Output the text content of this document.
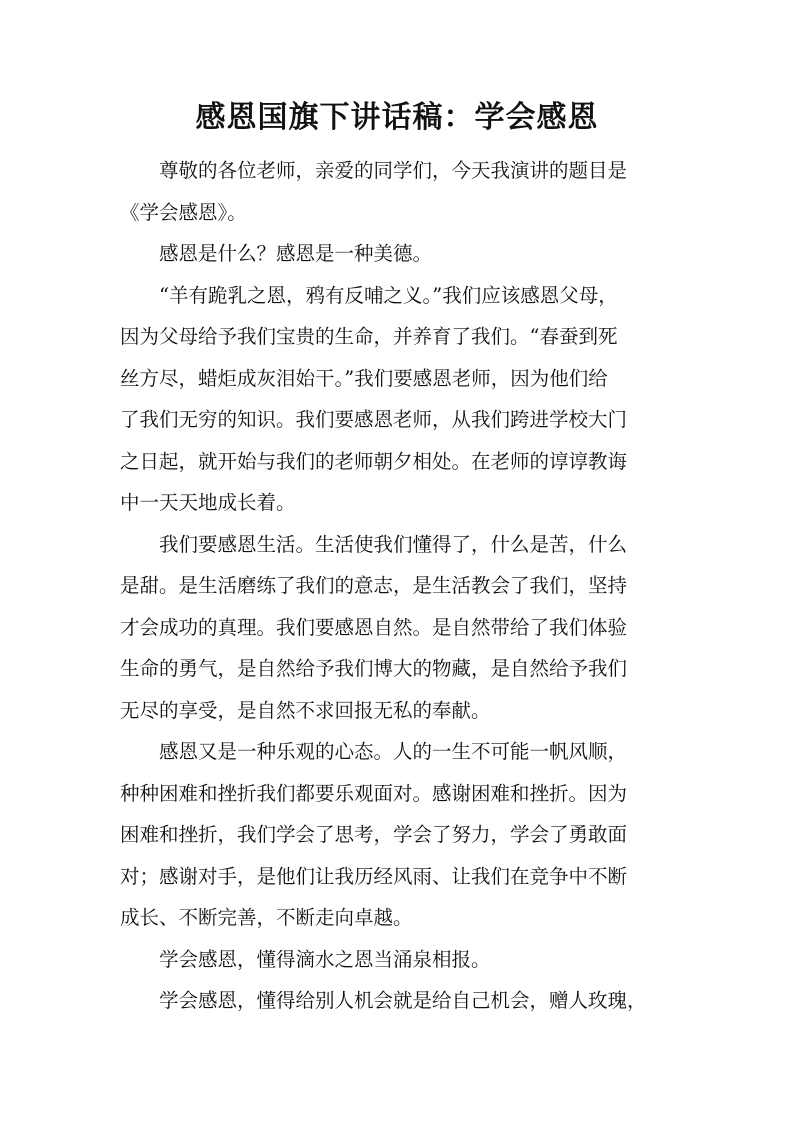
感恩国旗下讲话稿：学会感恩

尊敬的各位老师，亲爱的同学们，今天我演讲的题目是
《学会感恩》。

感恩是什么？感恩是一种美德。

“羊有跪乳之恩，鸦有反哺之义。”我们应该感恩父母，
因为父母给予我们宝贵的生命，并养育了我们。“春蚕到死
丝方尽，蜡炬成灰泪始干。”我们要感恩老师，因为他们给
了我们无穷的知识。我们要感恩老师，从我们跨进学校大门
之日起，就开始与我们的老师朝夕相处。在老师的谆谆教诲
中一天天地成长着。

我们要感恩生活。生活使我们懂得了，什么是苦，什么
是甜。是生活磨练了我们的意志，是生活教会了我们，坚持
才会成功的真理。我们要感恩自然。是自然带给了我们体验
生命的勇气，是自然给予我们博大的物藏，是自然给予我们
无尽的享受，是自然不求回报无私的奉献。

感恩又是一种乐观的心态。人的一生不可能一帆风顺，
种种困难和挫折我们都要乐观面对。感谢困难和挫折。因为
困难和挫折，我们学会了思考，学会了努力，学会了勇敢面
对；感谢对手，是他们让我历经风雨、让我们在竞争中不断
成长、不断完善，不断走向卓越。

学会感恩，懂得滴水之恩当涌泉相报。

学会感恩，懂得给别人机会就是给自己机会，赠人玫瑰，
